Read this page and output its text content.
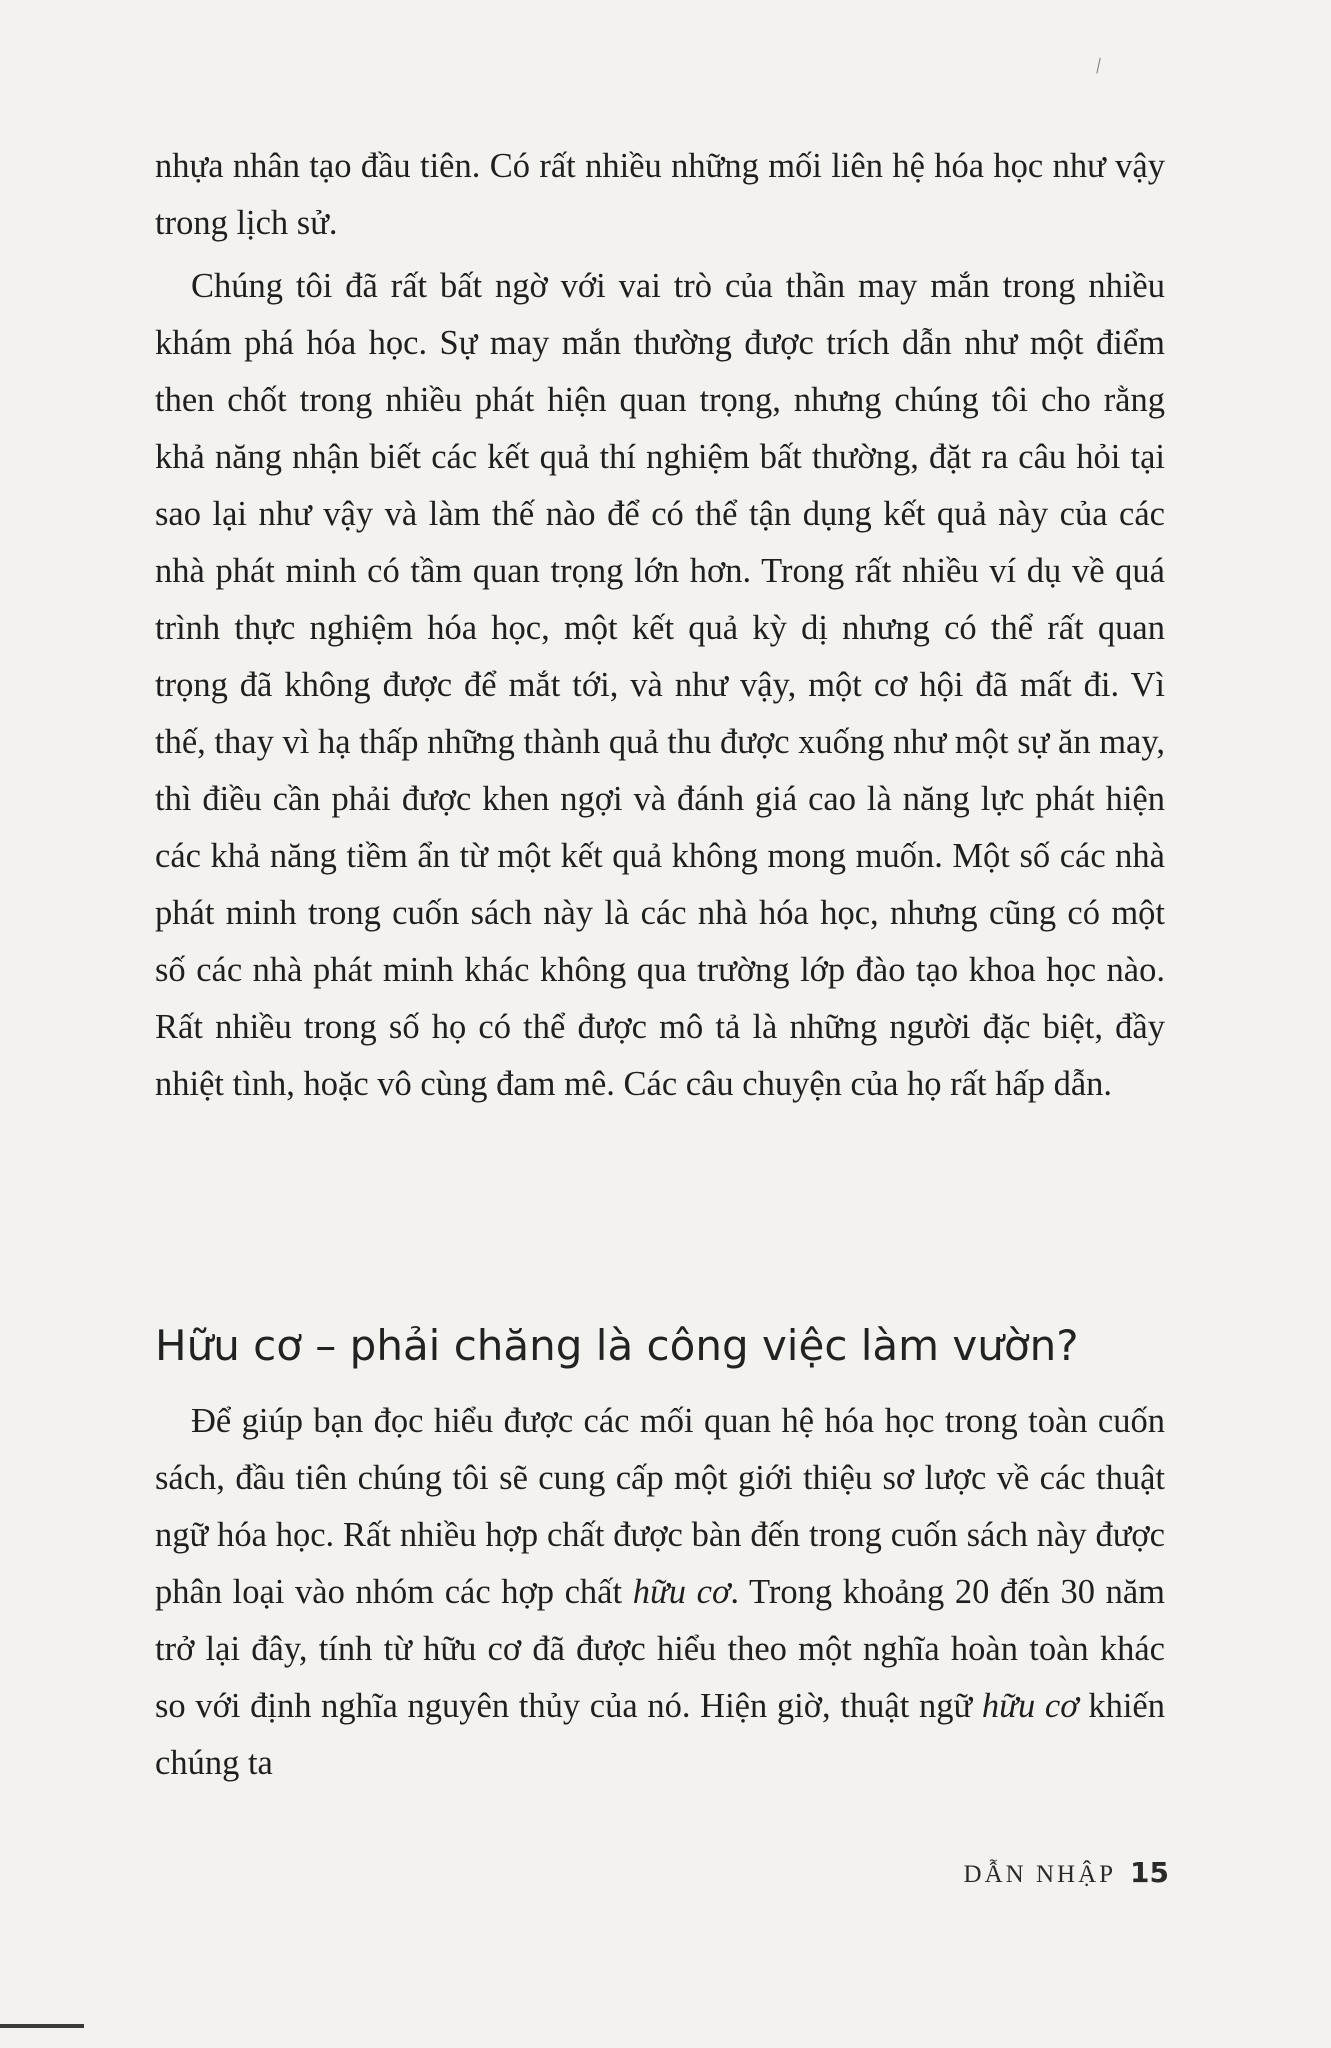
nhựa nhân tạo đầu tiên. Có rất nhiều những mối liên hệ hóa học như vậy trong lịch sử.

Chúng tôi đã rất bất ngờ với vai trò của thần may mắn trong nhiều khám phá hóa học. Sự may mắn thường được trích dẫn như một điểm then chốt trong nhiều phát hiện quan trọng, nhưng chúng tôi cho rằng khả năng nhận biết các kết quả thí nghiệm bất thường, đặt ra câu hỏi tại sao lại như vậy và làm thế nào để có thể tận dụng kết quả này của các nhà phát minh có tầm quan trọng lớn hơn. Trong rất nhiều ví dụ về quá trình thực nghiệm hóa học, một kết quả kỳ dị nhưng có thể rất quan trọng đã không được để mắt tới, và như vậy, một cơ hội đã mất đi. Vì thế, thay vì hạ thấp những thành quả thu được xuống như một sự ăn may, thì điều cần phải được khen ngợi và đánh giá cao là năng lực phát hiện các khả năng tiềm ẩn từ một kết quả không mong muốn. Một số các nhà phát minh trong cuốn sách này là các nhà hóa học, nhưng cũng có một số các nhà phát minh khác không qua trường lớp đào tạo khoa học nào. Rất nhiều trong số họ có thể được mô tả là những người đặc biệt, đầy nhiệt tình, hoặc vô cùng đam mê. Các câu chuyện của họ rất hấp dẫn.

Hữu cơ – phải chăng là công việc làm vườn?

Để giúp bạn đọc hiểu được các mối quan hệ hóa học trong toàn cuốn sách, đầu tiên chúng tôi sẽ cung cấp một giới thiệu sơ lược về các thuật ngữ hóa học. Rất nhiều hợp chất được bàn đến trong cuốn sách này được phân loại vào nhóm các hợp chất hữu cơ. Trong khoảng 20 đến 30 năm trở lại đây, tính từ hữu cơ đã được hiểu theo một nghĩa hoàn toàn khác so với định nghĩa nguyên thủy của nó. Hiện giờ, thuật ngữ hữu cơ khiến chúng ta

DẪN NHẬP 15
